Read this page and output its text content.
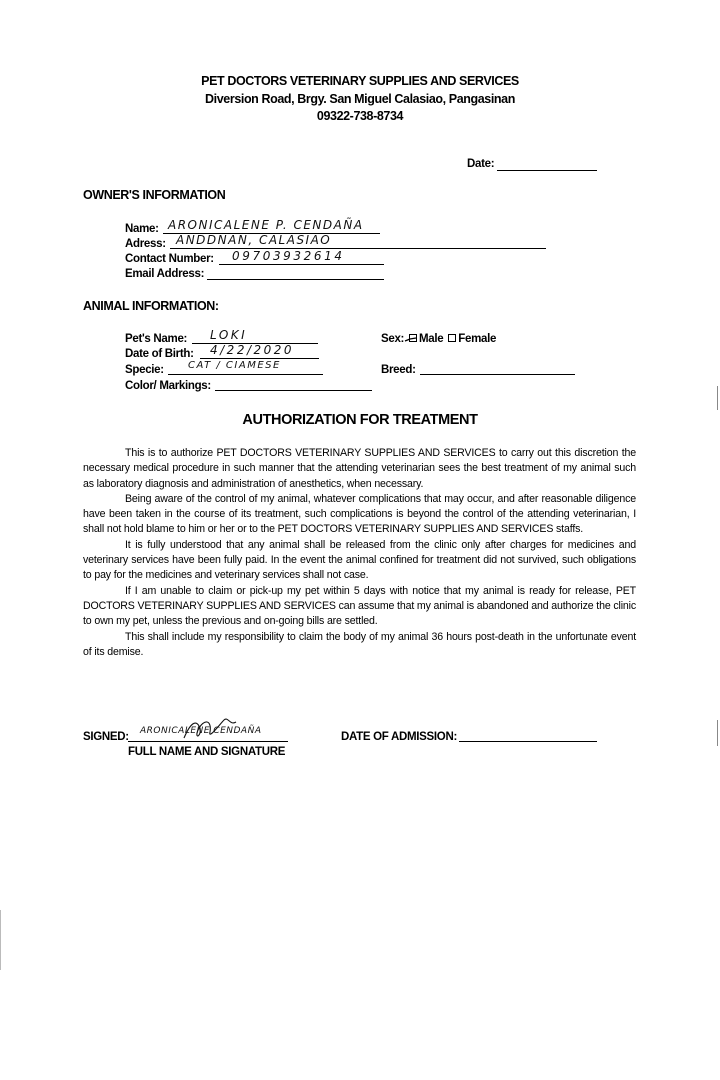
PET DOCTORS VETERINARY SUPPLIES AND SERVICES
Diversion Road, Brgy. San Miguel Calasiao, Pangasinan
09322-738-8734
Date:
OWNER'S INFORMATION
Name: ARONICALENE P. CENDAÑA
Adress: ANDDNAN, CALASIAO
Contact Number: 09703932614
Email Address:
ANIMAL INFORMATION:
Pet's Name: LOKI
Date of Birth: 4/22/2020
Specie: CAT / CIAMESE
Color/ Markings:
Sex: Male Female
Breed:
AUTHORIZATION FOR TREATMENT

This is to authorize PET DOCTORS VETERINARY SUPPLIES AND SERVICES to carry out this discretion the necessary medical procedure in such manner that the attending veterinarian sees the best treatment of my animal such as laboratory diagnosis and administration of anesthetics, when necessary.

Being aware of the control of my animal, whatever complications that may occur, and after reasonable diligence have been taken in the course of its treatment, such complications is beyond the control of the attending veterinarian, I shall not hold blame to him or her or to the PET DOCTORS VETERINARY SUPPLIES AND SERVICES staffs.

It is fully understood that any animal shall be released from the clinic only after charges for medicines and veterinary services have been fully paid. In the event the animal confined for treatment did not survived, such obligations to pay for the medicines and veterinary services shall not case.

If I am unable to claim or pick-up my pet within 5 days with notice that my animal is ready for release, PET DOCTORS VETERINARY SUPPLIES AND SERVICES can assume that my animal is abandoned and authorize the clinic to own my pet, unless the previous and on-going bills are settled.

This shall include my responsibility to claim the body of my animal 36 hours post-death in the unfortunate event of its demise.

SIGNED: ARONICALENE CENDAÑA
FULL NAME AND SIGNATURE
DATE OF ADMISSION:
